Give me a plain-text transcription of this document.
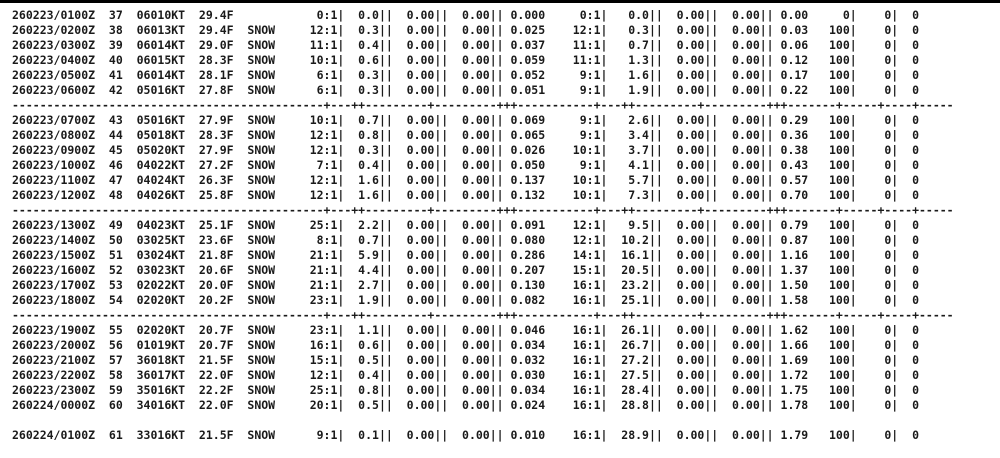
260223/0100Z  37  06010KT  29.4F            0:1|  0.0||  0.00||  0.00|| 0.000     0:1|   0.0||  0.00||  0.00|| 0.00     0|    0|  0
260223/0200Z  38  06013KT  29.4F  SNOW     12:1|  0.3||  0.00||  0.00|| 0.025    12:1|   0.3||  0.00||  0.00|| 0.03   100|    0|  0
260223/0300Z  39  06014KT  29.0F  SNOW     11:1|  0.4||  0.00||  0.00|| 0.037    11:1|   0.7||  0.00||  0.00|| 0.06   100|    0|  0
260223/0400Z  40  06015KT  28.3F  SNOW     10:1|  0.6||  0.00||  0.00|| 0.059    11:1|   1.3||  0.00||  0.00|| 0.12   100|    0|  0
260223/0500Z  41  06014KT  28.1F  SNOW      6:1|  0.3||  0.00||  0.00|| 0.052     9:1|   1.6||  0.00||  0.00|| 0.17   100|    0|  0
260223/0600Z  42  05016KT  27.8F  SNOW      6:1|  0.3||  0.00||  0.00|| 0.051     9:1|   1.9||  0.00||  0.00|| 0.22   100|    0|  0
---------------------------------------------+---++---------+---------+++-----------+---++---------+---------+++-------+-----+----+-----
260223/0700Z  43  05016KT  27.9F  SNOW     10:1|  0.7||  0.00||  0.00|| 0.069     9:1|   2.6||  0.00||  0.00|| 0.29   100|    0|  0
260223/0800Z  44  05018KT  28.3F  SNOW     12:1|  0.8||  0.00||  0.00|| 0.065     9:1|   3.4||  0.00||  0.00|| 0.36   100|    0|  0
260223/0900Z  45  05020KT  27.9F  SNOW     12:1|  0.3||  0.00||  0.00|| 0.026    10:1|   3.7||  0.00||  0.00|| 0.38   100|    0|  0
260223/1000Z  46  04022KT  27.2F  SNOW      7:1|  0.4||  0.00||  0.00|| 0.050     9:1|   4.1||  0.00||  0.00|| 0.43   100|    0|  0
260223/1100Z  47  04024KT  26.3F  SNOW     12:1|  1.6||  0.00||  0.00|| 0.137    10:1|   5.7||  0.00||  0.00|| 0.57   100|    0|  0
260223/1200Z  48  04026KT  25.8F  SNOW     12:1|  1.6||  0.00||  0.00|| 0.132    10:1|   7.3||  0.00||  0.00|| 0.70   100|    0|  0
---------------------------------------------+---++---------+---------+++-----------+---++---------+---------+++-------+-----+----+-----
260223/1300Z  49  04023KT  25.1F  SNOW     25:1|  2.2||  0.00||  0.00|| 0.091    12:1|   9.5||  0.00||  0.00|| 0.79   100|    0|  0
260223/1400Z  50  03025KT  23.6F  SNOW      8:1|  0.7||  0.00||  0.00|| 0.080    12:1|  10.2||  0.00||  0.00|| 0.87   100|    0|  0
260223/1500Z  51  03024KT  21.8F  SNOW     21:1|  5.9||  0.00||  0.00|| 0.286    14:1|  16.1||  0.00||  0.00|| 1.16   100|    0|  0
260223/1600Z  52  03023KT  20.6F  SNOW     21:1|  4.4||  0.00||  0.00|| 0.207    15:1|  20.5||  0.00||  0.00|| 1.37   100|    0|  0
260223/1700Z  53  02022KT  20.0F  SNOW     21:1|  2.7||  0.00||  0.00|| 0.130    16:1|  23.2||  0.00||  0.00|| 1.50   100|    0|  0
260223/1800Z  54  02020KT  20.2F  SNOW     23:1|  1.9||  0.00||  0.00|| 0.082    16:1|  25.1||  0.00||  0.00|| 1.58   100|    0|  0
---------------------------------------------+---++---------+---------+++-----------+---++---------+---------+++-------+-----+----+-----
260223/1900Z  55  02020KT  20.7F  SNOW     23:1|  1.1||  0.00||  0.00|| 0.046    16:1|  26.1||  0.00||  0.00|| 1.62   100|    0|  0
260223/2000Z  56  01019KT  20.7F  SNOW     16:1|  0.6||  0.00||  0.00|| 0.034    16:1|  26.7||  0.00||  0.00|| 1.66   100|    0|  0
260223/2100Z  57  36018KT  21.5F  SNOW     15:1|  0.5||  0.00||  0.00|| 0.032    16:1|  27.2||  0.00||  0.00|| 1.69   100|    0|  0
260223/2200Z  58  36017KT  22.0F  SNOW     12:1|  0.4||  0.00||  0.00|| 0.030    16:1|  27.5||  0.00||  0.00|| 1.72   100|    0|  0
260223/2300Z  59  35016KT  22.2F  SNOW     25:1|  0.8||  0.00||  0.00|| 0.034    16:1|  28.4||  0.00||  0.00|| 1.75   100|    0|  0
260224/0000Z  60  34016KT  22.0F  SNOW     20:1|  0.5||  0.00||  0.00|| 0.024    16:1|  28.8||  0.00||  0.00|| 1.78   100|    0|  0
260224/0100Z  61  33016KT  21.5F  SNOW      9:1|  0.1||  0.00||  0.00|| 0.010    16:1|  28.9||  0.00||  0.00|| 1.79   100|    0|  0
